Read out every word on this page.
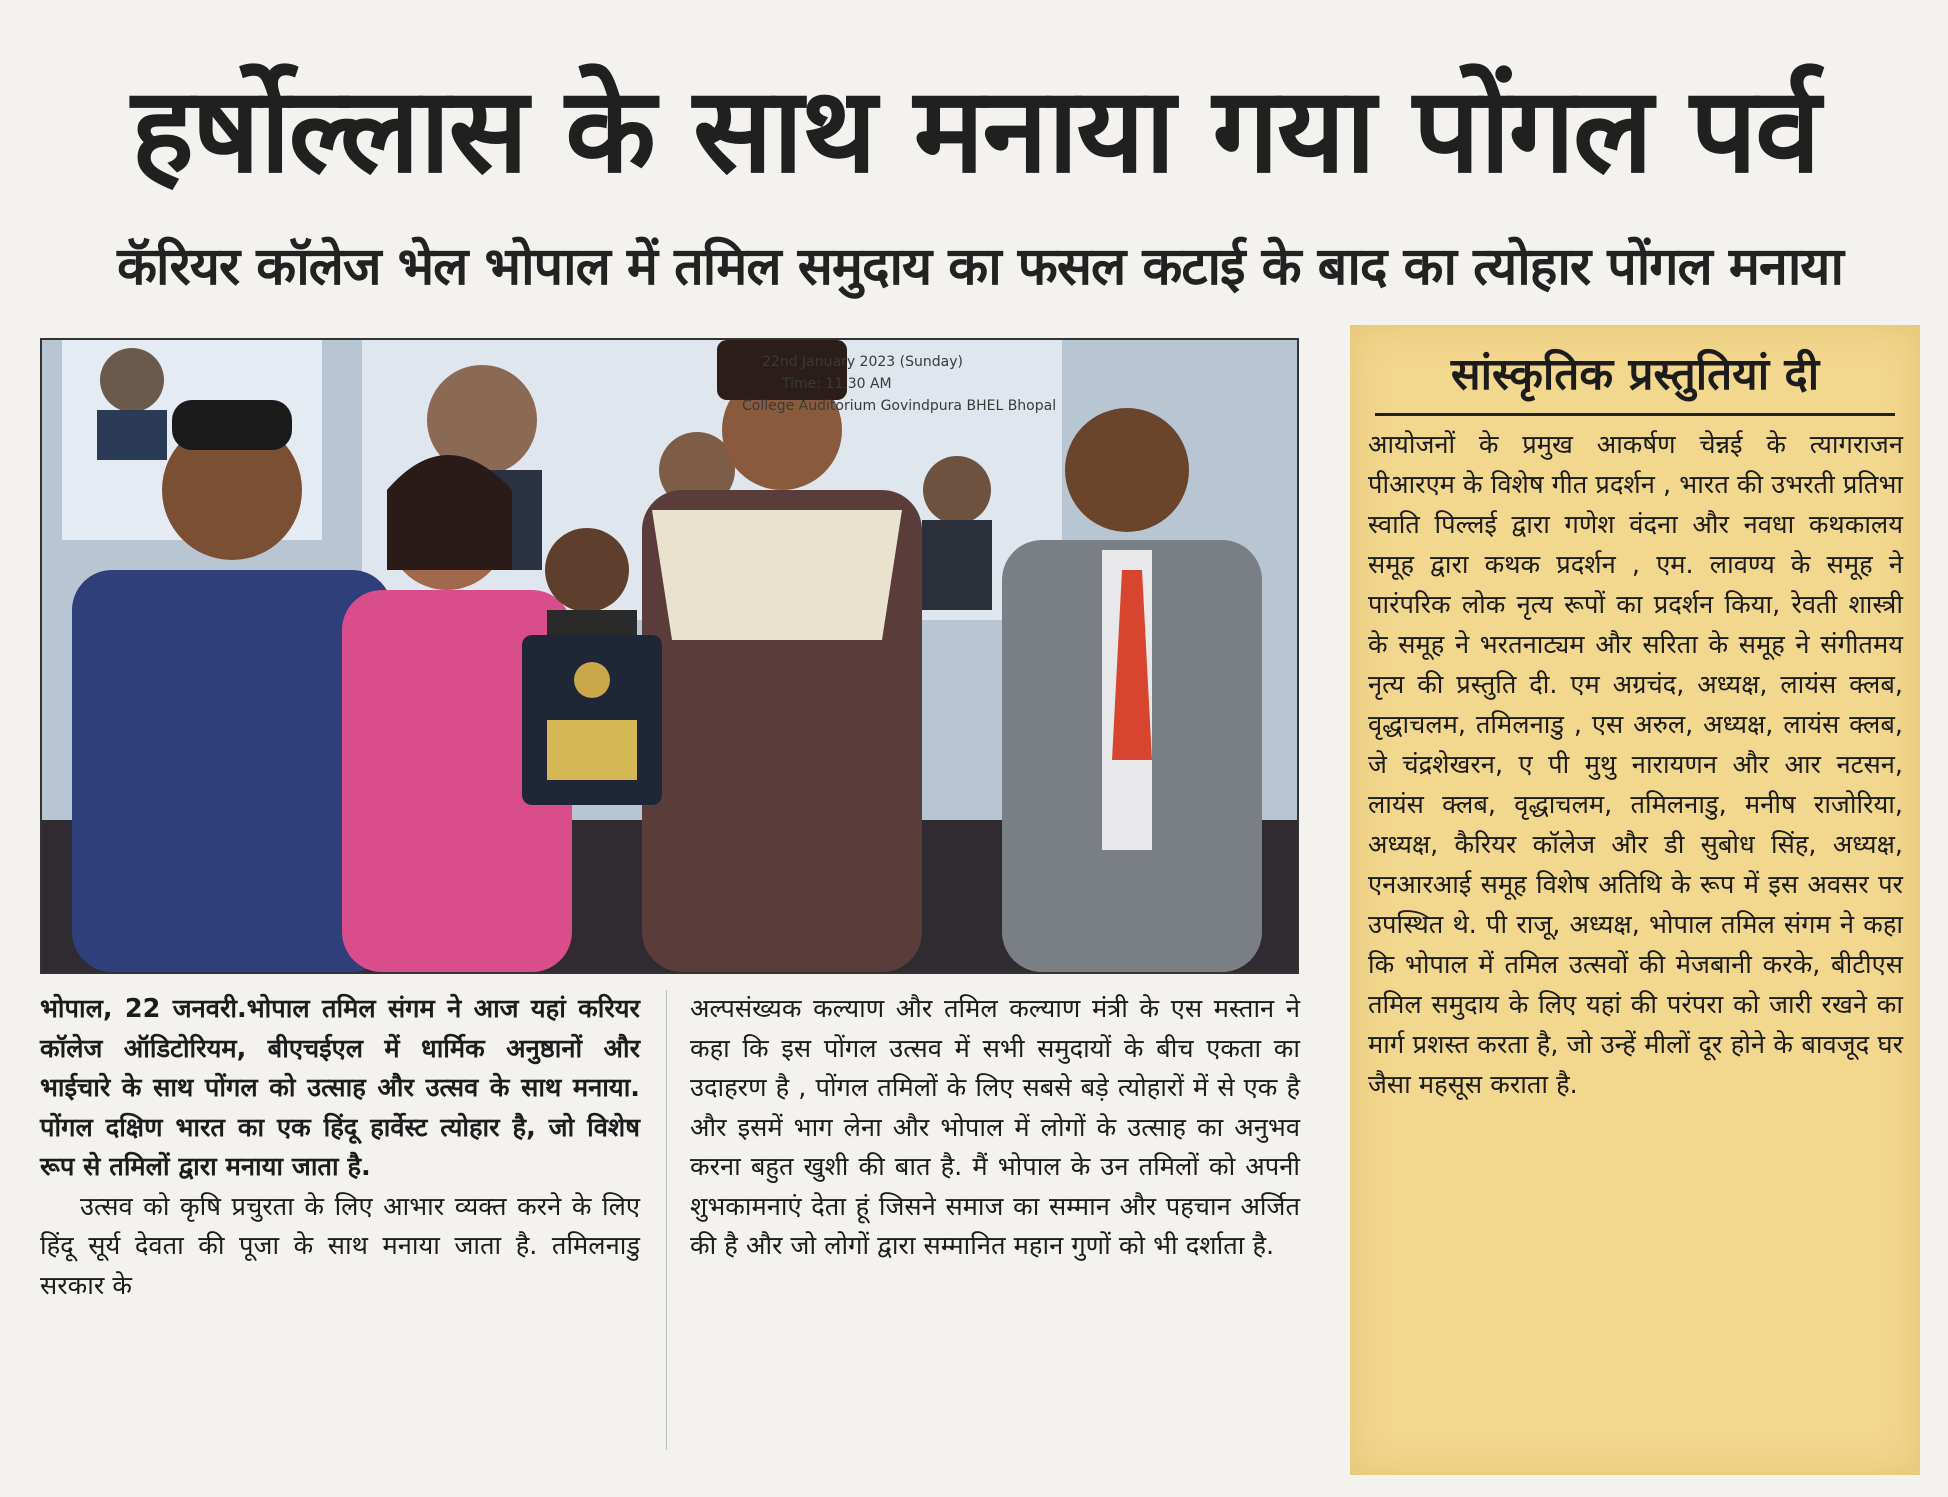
हर्षोल्लास के साथ मनाया गया पोंगल पर्व
कॅरियर कॉलेज भेल भोपाल में तमिल समुदाय का फसल कटाई के बाद का त्योहार पोंगल मनाया
22nd January 2023 (Sunday)
Time: 11.30 AM
College Auditorium Govindpura BHEL Bhopal
सांस्कृतिक प्रस्तुतियां दी
आयोजनों के प्रमुख आकर्षण चेन्नई के त्यागराजन पीआरएम के विशेष गीत प्रदर्शन , भारत की उभरती प्रतिभा स्वाति पिल्लई द्वारा गणेश वंदना और नवधा कथकालय समूह द्वारा कथक प्रदर्शन , एम. लावण्य के समूह ने पारंपरिक लोक नृत्य रूपों का प्रदर्शन किया, रेवती शास्त्री के समूह ने भरतनाट्यम और सरिता के समूह ने संगीतमय नृत्य की प्रस्तुति दी. एम अग्रचंद, अध्यक्ष, लायंस क्लब, वृद्धाचलम, तमिलनाडु , एस अरुल, अध्यक्ष, लायंस क्लब, जे चंद्रशेखरन, ए पी मुथु नारायणन और आर नटसन, लायंस क्लब, वृद्धाचलम, तमिलनाडु, मनीष राजोरिया, अध्यक्ष, कैरियर कॉलेज और डी सुबोध सिंह, अध्यक्ष, एनआरआई समूह विशेष अतिथि के रूप में इस अवसर पर उपस्थित थे. पी राजू, अध्यक्ष, भोपाल तमिल संगम ने कहा कि भोपाल में तमिल उत्सवों की मेजबानी करके, बीटीएस तमिल समुदाय के लिए यहां की परंपरा को जारी रखने का मार्ग प्रशस्त करता है, जो उन्हें मीलों दूर होने के बावजूद घर जैसा महसूस कराता है.
भोपाल, 22 जनवरी.भोपाल तमिल संगम ने आज यहां करियर कॉलेज ऑडिटोरियम, बीएचईएल में धार्मिक अनुष्ठानों और भाईचारे के साथ पोंगल को उत्साह और उत्सव के साथ मनाया. पोंगल दक्षिण भारत का एक हिंदू हार्वेस्ट त्योहार है, जो विशेष रूप से तमिलों द्वारा मनाया जाता है.
उत्सव को कृषि प्रचुरता के लिए आभार व्यक्त करने के लिए हिंदू सूर्य देवता की पूजा के साथ मनाया जाता है. तमिलनाडु सरकार के
अल्पसंख्यक कल्याण और तमिल कल्याण मंत्री के एस मस्तान ने कहा कि इस पोंगल उत्सव में सभी समुदायों के बीच एकता का उदाहरण है , पोंगल तमिलों के लिए सबसे बड़े त्योहारों में से एक है और इसमें भाग लेना और भोपाल में लोगों के उत्साह का अनुभव करना बहुत खुशी की बात है. मैं भोपाल के उन तमिलों को अपनी शुभकामनाएं देता हूं जिसने समाज का सम्मान और पहचान अर्जित की है और जो लोगों द्वारा सम्मानित महान गुणों को भी दर्शाता है.
